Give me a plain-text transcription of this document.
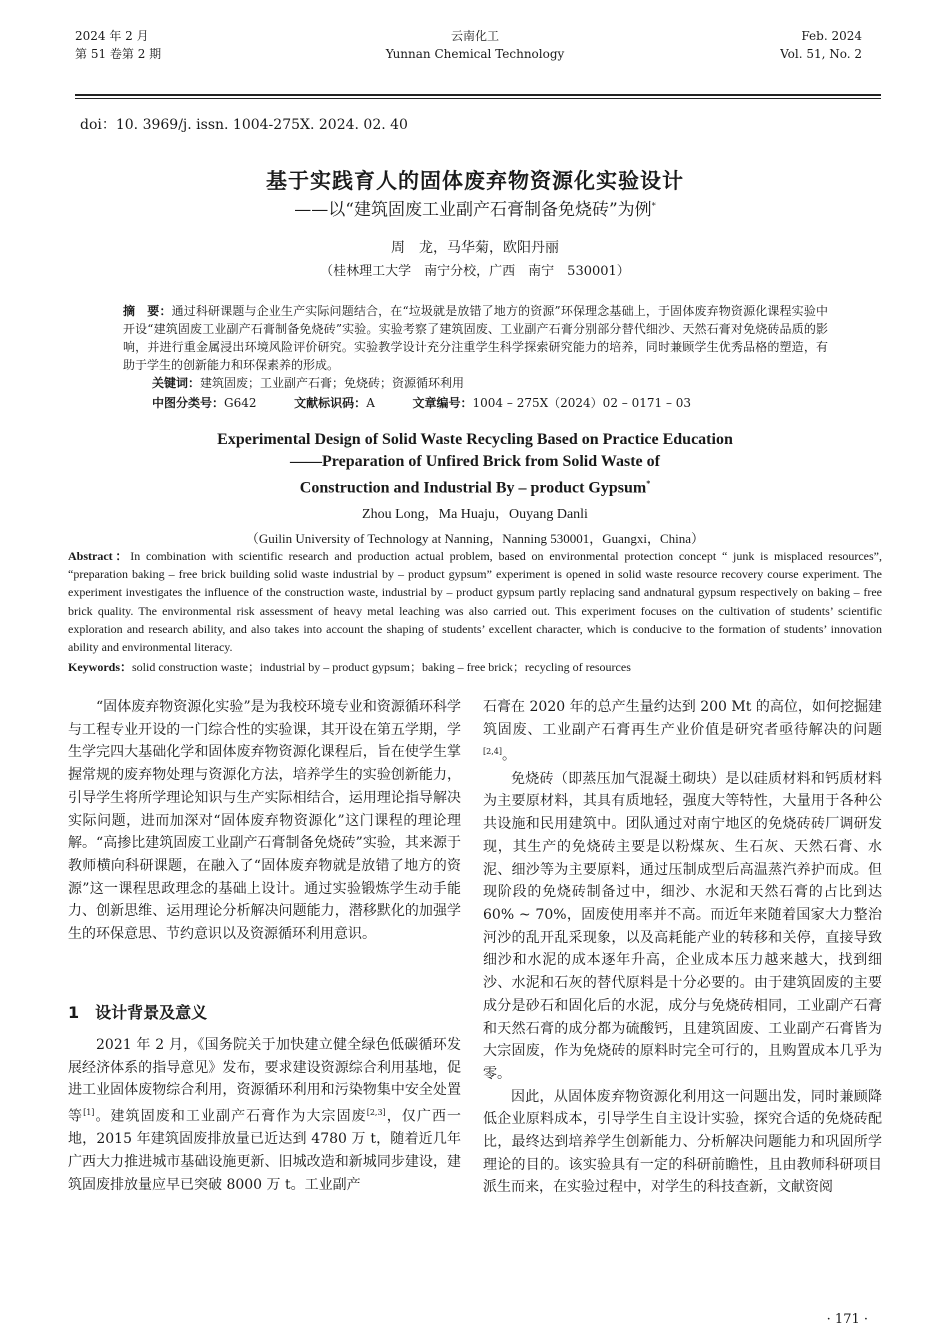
2024 年 2 月
第 51 卷第 2 期
云南化工
Yunnan Chemical Technology
Feb. 2024
Vol. 51, No. 2
doi：10. 3969/j. issn. 1004-275X. 2024. 02. 40
基于实践育人的固体废弃物资源化实验设计
——以“建筑固废工业副产石膏制备免烧砖”为例*
周　龙，马华菊，欧阳丹丽
（桂林理工大学　南宁分校，广西　南宁　530001）
摘　要：通过科研课题与企业生产实际问题结合，在“垃圾就是放错了地方的资源”环保理念基础上，于固体废弃物资源化课程实验中开设“建筑固废工业副产石膏制备免烧砖”实验。实验考察了建筑固废、工业副产石膏分别部分替代细沙、天然石膏对免烧砖品质的影响，并进行重金属浸出环境风险评价研究。实验教学设计充分注重学生科学探索研究能力的培养，同时兼顾学生优秀品格的塑造，有助于学生的创新能力和环保素养的形成。
关键词：建筑固废；工业副产石膏；免烧砖；资源循环利用
中图分类号：G642	文献标识码：A	文章编号：1004 – 275X（2024）02 – 0171 – 03
Experimental Design of Solid Waste Recycling Based on Practice Education
——Preparation of Unfired Brick from Solid Waste of
Construction and Industrial By – product Gypsum*
Zhou Long，Ma Huaju，Ouyang Danli
（Guilin University of Technology at Nanning，Nanning 530001，Guangxi，China）
Abstract：In combination with scientific research and production actual problem, based on environmental protection concept “ junk is misplaced resources”, “preparation baking – free brick building solid waste industrial by – product gypsum” experiment is opened in solid waste resource recovery course experiment. The experiment investigates the influence of the construction waste, industrial by – product gypsum partly replacing sand andnatural gypsum respectively on baking – free brick quality. The environmental risk assessment of heavy metal leaching was also carried out. This experiment focuses on the cultivation of students’ scientific exploration and research ability, and also takes into account the shaping of students’ excellent character, which is conducive to the formation of students’ innovation ability and environmental literacy.
Keywords：solid construction waste；industrial by – product gypsum；baking – free brick；recycling of resources

“固体废弃物资源化实验”是为我校环境专业和资源循环科学与工程专业开设的一门综合性的实验课，其开设在第五学期，学生学完四大基础化学和固体废弃物资源化课程后，旨在使学生掌握常规的废弃物处理与资源化方法，培养学生的实验创新能力，引导学生将所学理论知识与生产实际相结合，运用理论指导解决实际问题，进而加深对“固体废弃物资源化”这门课程的理论理解。“高掺比建筑固废工业副产石膏制备免烧砖”实验，其来源于教师横向科研课题，在融入了“固体废弃物就是放错了地方的资源”这一课程思政理念的基础上设计。通过实验锻炼学生动手能力、创新思维、运用理论分析解决问题能力，潜移默化的加强学生的环保意思、节约意识以及资源循环利用意识。

1　设计背景及意义

2021 年 2 月，《国务院关于加快建立健全绿色低碳循环发展经济体系的指导意见》发布，要求建设资源综合利用基地，促进工业固体废物综合利用，资源循环利用和污染物集中安全处置等[1]。建筑固废和工业副产石膏作为大宗固废[2,3]，仅广西一地，2015 年建筑固废排放量已近达到 4780 万 t，随着近几年广西大力推进城市基础设施更新、旧城改造和新城同步建设，建筑固废排放量应早已突破 8000 万 t。工业副产

石膏在 2020 年的总产生量约达到 200 Mt 的高位，如何挖掘建筑固废、工业副产石膏再生产业价值是研究者亟待解决的问题[2,4]。

免烧砖（即蒸压加气混凝土砌块）是以硅质材料和钙质材料为主要原材料，其具有质地轻，强度大等特性，大量用于各种公共设施和民用建筑中。团队通过对南宁地区的免烧砖砖厂调研发现，其生产的免烧砖主要是以粉煤灰、生石灰、天然石膏、水泥、细沙等为主要原料，通过压制成型后高温蒸汽养护而成。但现阶段的免烧砖制备过中，细沙、水泥和天然石膏的占比到达 60% ~ 70%，固废使用率并不高。而近年来随着国家大力整治河沙的乱开乱采现象，以及高耗能产业的转移和关停，直接导致细沙和水泥的成本逐年升高，企业成本压力越来越大，找到细沙、水泥和石灰的替代原料是十分必要的。由于建筑固废的主要成分是砂石和固化后的水泥，成分与免烧砖相同，工业副产石膏和天然石膏的成分都为硫酸钙，且建筑固废、工业副产石膏皆为大宗固废，作为免烧砖的原料时完全可行的，且购置成本几乎为零。

因此，从固体废弃物资源化利用这一问题出发，同时兼顾降低企业原料成本，引导学生自主设计实验，探究合适的免烧砖配比，最终达到培养学生创新能力、分析解决问题能力和巩固所学理论的目的。该实验具有一定的科研前瞻性，且由教师科研项目派生而来，在实验过程中，对学生的科技查新，文献资阅

· 171 ·
